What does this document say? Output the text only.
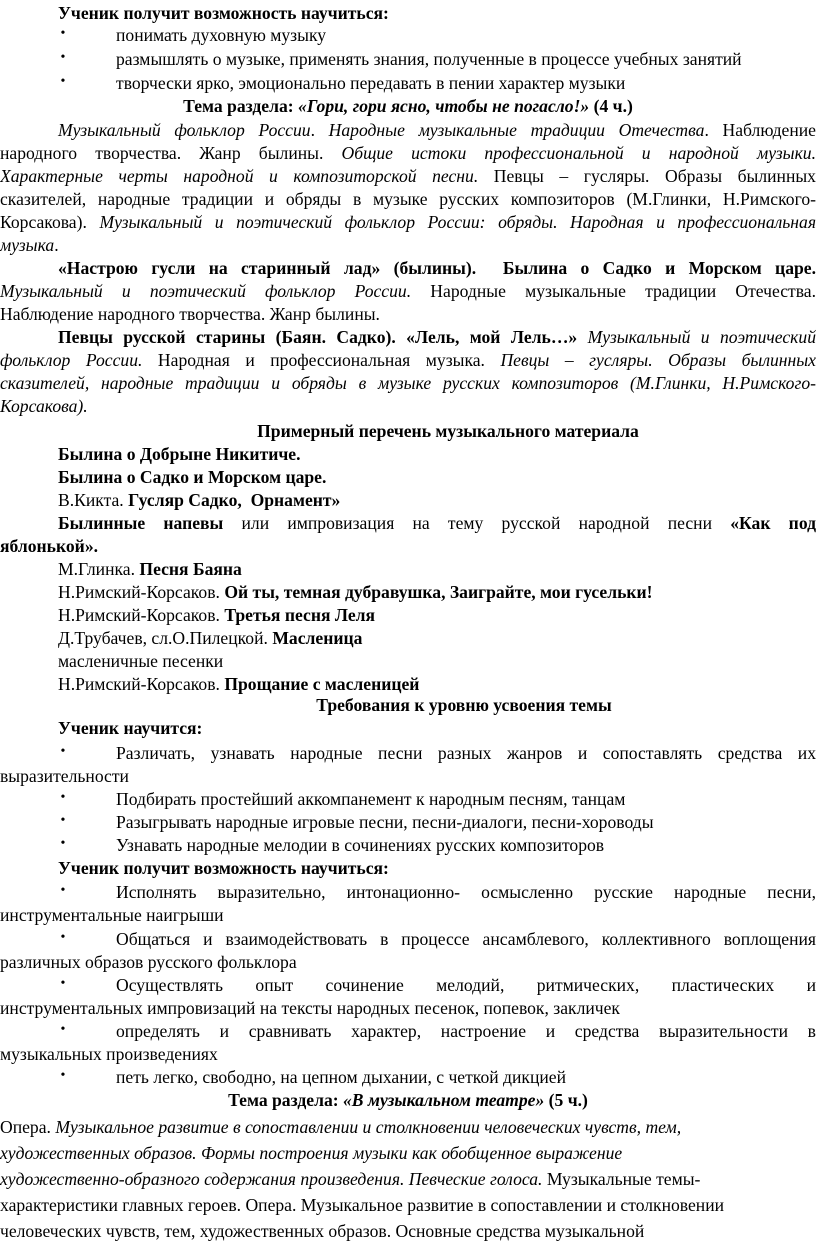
Ученик получит возможность научиться:
•	понимать духовную музыку
•	размышлять о музыке, применять знания, полученные в процессе учебных занятий
•	творчески ярко, эмоционально передавать в пении характер музыки
Тема раздела: «Гори, гори ясно, чтобы не погасло!» (4 ч.)
Музыкальный фольклор России. Народные музыкальные традиции Отечества. Наблюдение
народного творчества. Жанр былины. Общие истоки профессиональной и народной музыки.
Характерные черты народной и композиторской песни. Певцы – гусляры. Образы былинных
сказителей, народные традиции и обряды в музыке русских композиторов (М.Глинки, Н.Римского-
Корсакова). Музыкальный и поэтический фольклор России: обряды. Народная и профессиональная
музыка.
«Настрою гусли на старинный лад» (былины).  Былина о Садко и Морском царе.
Музыкальный и поэтический фольклор России. Народные музыкальные традиции Отечества.
Наблюдение народного творчества. Жанр былины.
Певцы русской старины (Баян. Садко). «Лель, мой Лель…» Музыкальный и поэтический
фольклор России. Народная и профессиональная музыка. Певцы – гусляры. Образы былинных
сказителей, народные традиции и обряды в музыке русских композиторов (М.Глинки, Н.Римского-
Корсакова).
Примерный перечень музыкального материала
Былина о Добрыне Никитиче.
Былина о Садко и Морском царе.
В.Кикта. Гусляр Садко,  Орнамент»
Былинные напевы или импровизация на тему русской народной песни «Как под
яблонькой».
М.Глинка. Песня Баяна
Н.Римский-Корсаков. Ой ты, темная дубравушка, Заиграйте, мои гусельки!
Н.Римский-Корсаков. Третья песня Леля
Д.Трубачев, сл.О.Пилецкой. Масленица
масленичные песенки
Н.Римский-Корсаков. Прощание с масленицей
Требования к уровню усвоения темы
Ученик научится:
•	Различать, узнавать народные песни разных жанров и сопоставлять средства их
выразительности
•	Подбирать простейший аккомпанемент к народным песням, танцам
•	Разыгрывать народные игровые песни, песни-диалоги, песни-хороводы
•	Узнавать народные мелодии в сочинениях русских композиторов
Ученик получит возможность научиться:
•	Исполнять выразительно, интонационно- осмысленно русские народные песни,
инструментальные наигрыши
•	Общаться и взаимодействовать в процессе ансамблевого, коллективного воплощения
различных образов русского фольклора
•	Осуществлять опыт сочинение мелодий, ритмических, пластических и
инструментальных импровизаций на тексты народных песенок, попевок, закличек
•	определять и сравнивать характер, настроение и средства выразительности в
музыкальных произведениях
•	петь легко, свободно, на цепном дыхании, с четкой дикцией
Тема раздела: «В музыкальном театре» (5 ч.)
Опера. Музыкальное развитие в сопоставлении и столкновении человеческих чувств, тем,
художественных образов. Формы построения музыки как обобщенное выражение
художественно-образного содержания произведения. Певческие голоса. Музыкальные темы-
характеристики главных героев. Опера. Музыкальное развитие в сопоставлении и столкновении
человеческих чувств, тем, художественных образов. Основные средства музыкальной
